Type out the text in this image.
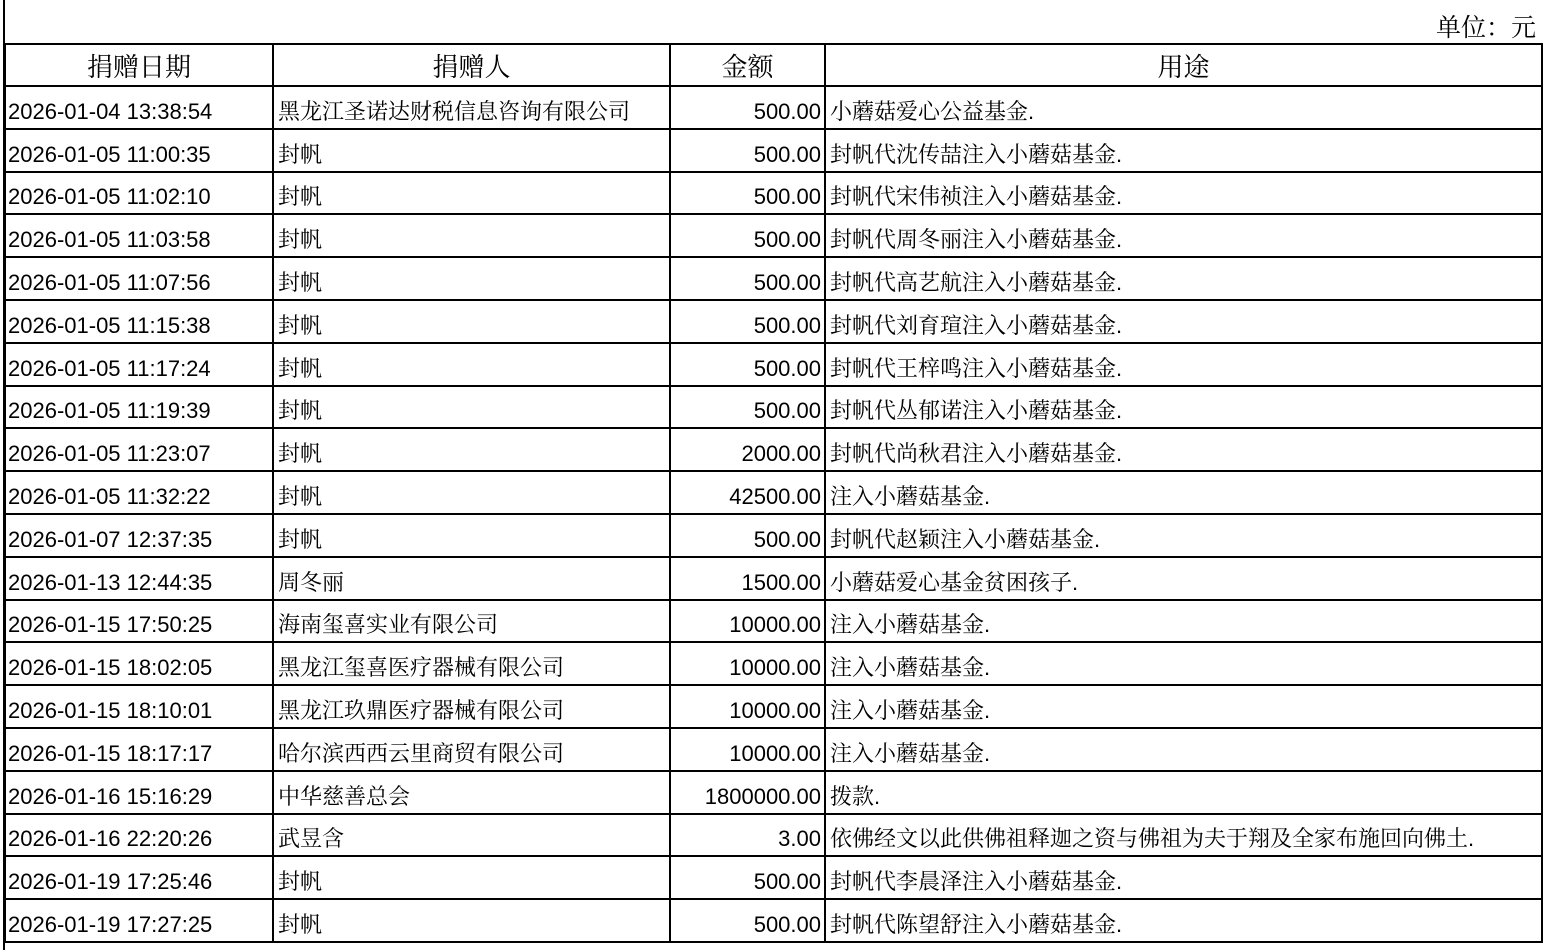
单位：元
捐赠日期	捐赠人	金额	用途
2026-01-04 13:38:54	黑龙江圣诺达财税信息咨询有限公司	500.00	小蘑菇爱心公益基金.
2026-01-05 11:00:35	封帆	500.00	封帆代沈传喆注入小蘑菇基金.
2026-01-05 11:02:10	封帆	500.00	封帆代宋伟祯注入小蘑菇基金.
2026-01-05 11:03:58	封帆	500.00	封帆代周冬丽注入小蘑菇基金.
2026-01-05 11:07:56	封帆	500.00	封帆代高艺航注入小蘑菇基金.
2026-01-05 11:15:38	封帆	500.00	封帆代刘育瑄注入小蘑菇基金.
2026-01-05 11:17:24	封帆	500.00	封帆代王梓鸣注入小蘑菇基金.
2026-01-05 11:19:39	封帆	500.00	封帆代丛郁诺注入小蘑菇基金.
2026-01-05 11:23:07	封帆	2000.00	封帆代尚秋君注入小蘑菇基金.
2026-01-05 11:32:22	封帆	42500.00	注入小蘑菇基金.
2026-01-07 12:37:35	封帆	500.00	封帆代赵颖注入小蘑菇基金.
2026-01-13 12:44:35	周冬丽	1500.00	小蘑菇爱心基金贫困孩子.
2026-01-15 17:50:25	海南玺喜实业有限公司	10000.00	注入小蘑菇基金.
2026-01-15 18:02:05	黑龙江玺喜医疗器械有限公司	10000.00	注入小蘑菇基金.
2026-01-15 18:10:01	黑龙江玖鼎医疗器械有限公司	10000.00	注入小蘑菇基金.
2026-01-15 18:17:17	哈尔滨西西云里商贸有限公司	10000.00	注入小蘑菇基金.
2026-01-16 15:16:29	中华慈善总会	1800000.00	拨款.
2026-01-16 22:20:26	武昱含	3.00	依佛经文以此供佛祖释迦之资与佛祖为夫于翔及全家布施回向佛土.
2026-01-19 17:25:46	封帆	500.00	封帆代李晨泽注入小蘑菇基金.
2026-01-19 17:27:25	封帆	500.00	封帆代陈望舒注入小蘑菇基金.
